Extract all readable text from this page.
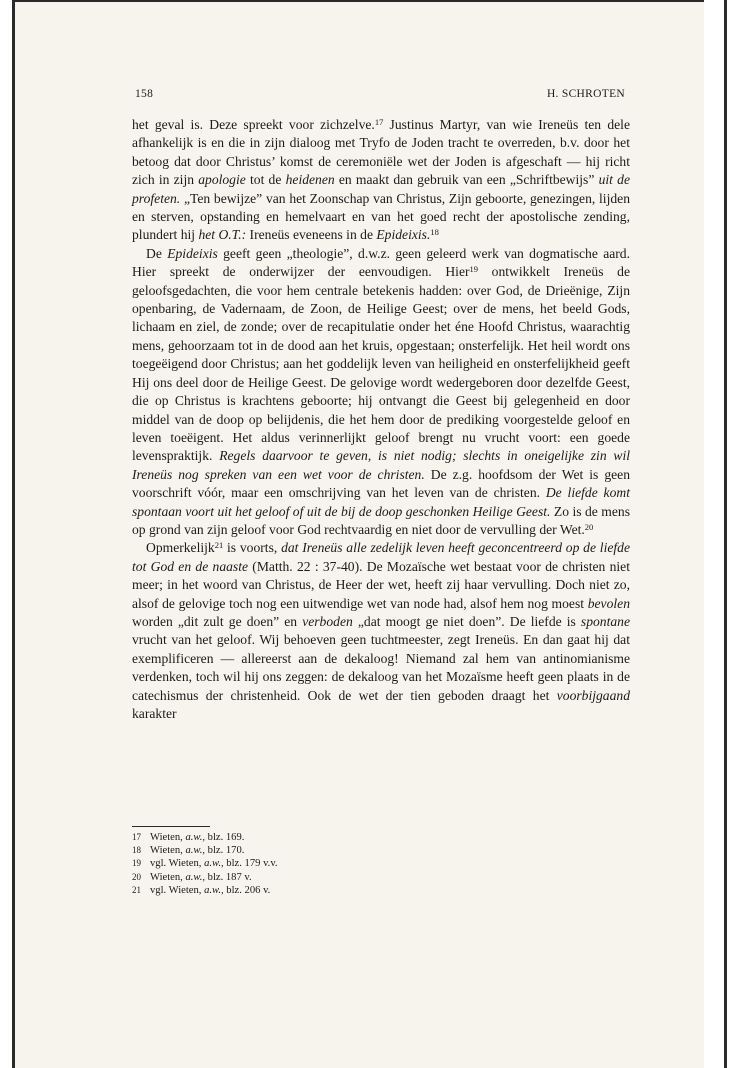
158	H. SCHROTEN

het geval is. Deze spreekt voor zichzelve.$^{17}$ Justinus Martyr, van wie Ireneüs ten dele afhankelijk is en die in zijn dialoog met Tryfo de Joden tracht te overreden, b.v. door het betoog dat door Christus’ komst de ceremoniële wet der Joden is afgeschaft — hij richt zich in zijn apologie tot de heidenen en maakt dan gebruik van een „Schriftbewijs” uit de profeten. „Ten bewijze” van het Zoonschap van Christus, Zijn geboorte, genezingen, lijden en sterven, opstanding en hemelvaart en van het goed recht der apostolische zending, plundert hij het O.T.: Ireneüs eveneens in de Epideixis.$^{18}$

De Epideixis geeft geen „theologie”, d.w.z. geen geleerd werk van dogmatische aard. Hier spreekt de onderwijzer der eenvoudigen. Hier$^{19}$ ontwikkelt Ireneüs de geloofsgedachten, die voor hem centrale betekenis hadden: over God, de Drieënige, Zijn openbaring, de Vadernaam, de Zoon, de Heilige Geest; over de mens, het beeld Gods, lichaam en ziel, de zonde; over de recapitulatie onder het éne Hoofd Christus, waarachtig mens, gehoorzaam tot in de dood aan het kruis, opgestaan; onsterfelijk. Het heil wordt ons toegeëigend door Christus; aan het goddelijk leven van heiligheid en onsterfelijkheid geeft Hij ons deel door de Heilige Geest. De gelovige wordt wedergeboren door dezelfde Geest, die op Christus is krachtens geboorte; hij ontvangt die Geest bij gelegenheid en door middel van de doop op belijdenis, die het hem door de prediking voorgestelde geloof en leven toeëigent. Het aldus verinnerlijkt geloof brengt nu vrucht voort: een goede levenspraktijk. Regels daarvoor te geven, is niet nodig; slechts in oneigelijke zin wil Ireneüs nog spreken van een wet voor de christen. De z.g. hoofdsom der Wet is geen voorschrift vóór, maar een omschrijving van het leven van de christen. De liefde komt spontaan voort uit het geloof of uit de bij de doop geschonken Heilige Geest. Zo is de mens op grond van zijn geloof voor God rechtvaardig en niet door de vervulling der Wet.$^{20}$

Opmerkelijk$^{21}$ is voorts, dat Ireneüs alle zedelijk leven heeft geconcentreerd op de liefde tot God en de naaste (Matth. 22 : 37-40). De Mozaïsche wet bestaat voor de christen niet meer; in het woord van Christus, de Heer der wet, heeft zij haar vervulling. Doch niet zo, alsof de gelovige toch nog een uitwendige wet van node had, alsof hem nog moest bevolen worden „dit zult ge doen” en verboden „dat moogt ge niet doen”. De liefde is spontane vrucht van het geloof. Wij behoeven geen tuchtmeester, zegt Ireneüs. En dan gaat hij dat exemplificeren — allereerst aan de dekaloog! Niemand zal hem van antinomianisme verdenken, toch wil hij ons zeggen: de dekaloog van het Mozaïsme heeft geen plaats in de catechismus der christenheid. Ook de wet der tien geboden draagt het voorbijgaand karakter

17 Wieten, a.w., blz. 169.
18 Wieten, a.w., blz. 170.
19 vgl. Wieten, a.w., blz. 179 v.v.
20 Wieten, a.w., blz. 187 v.
21 vgl. Wieten, a.w., blz. 206 v.
